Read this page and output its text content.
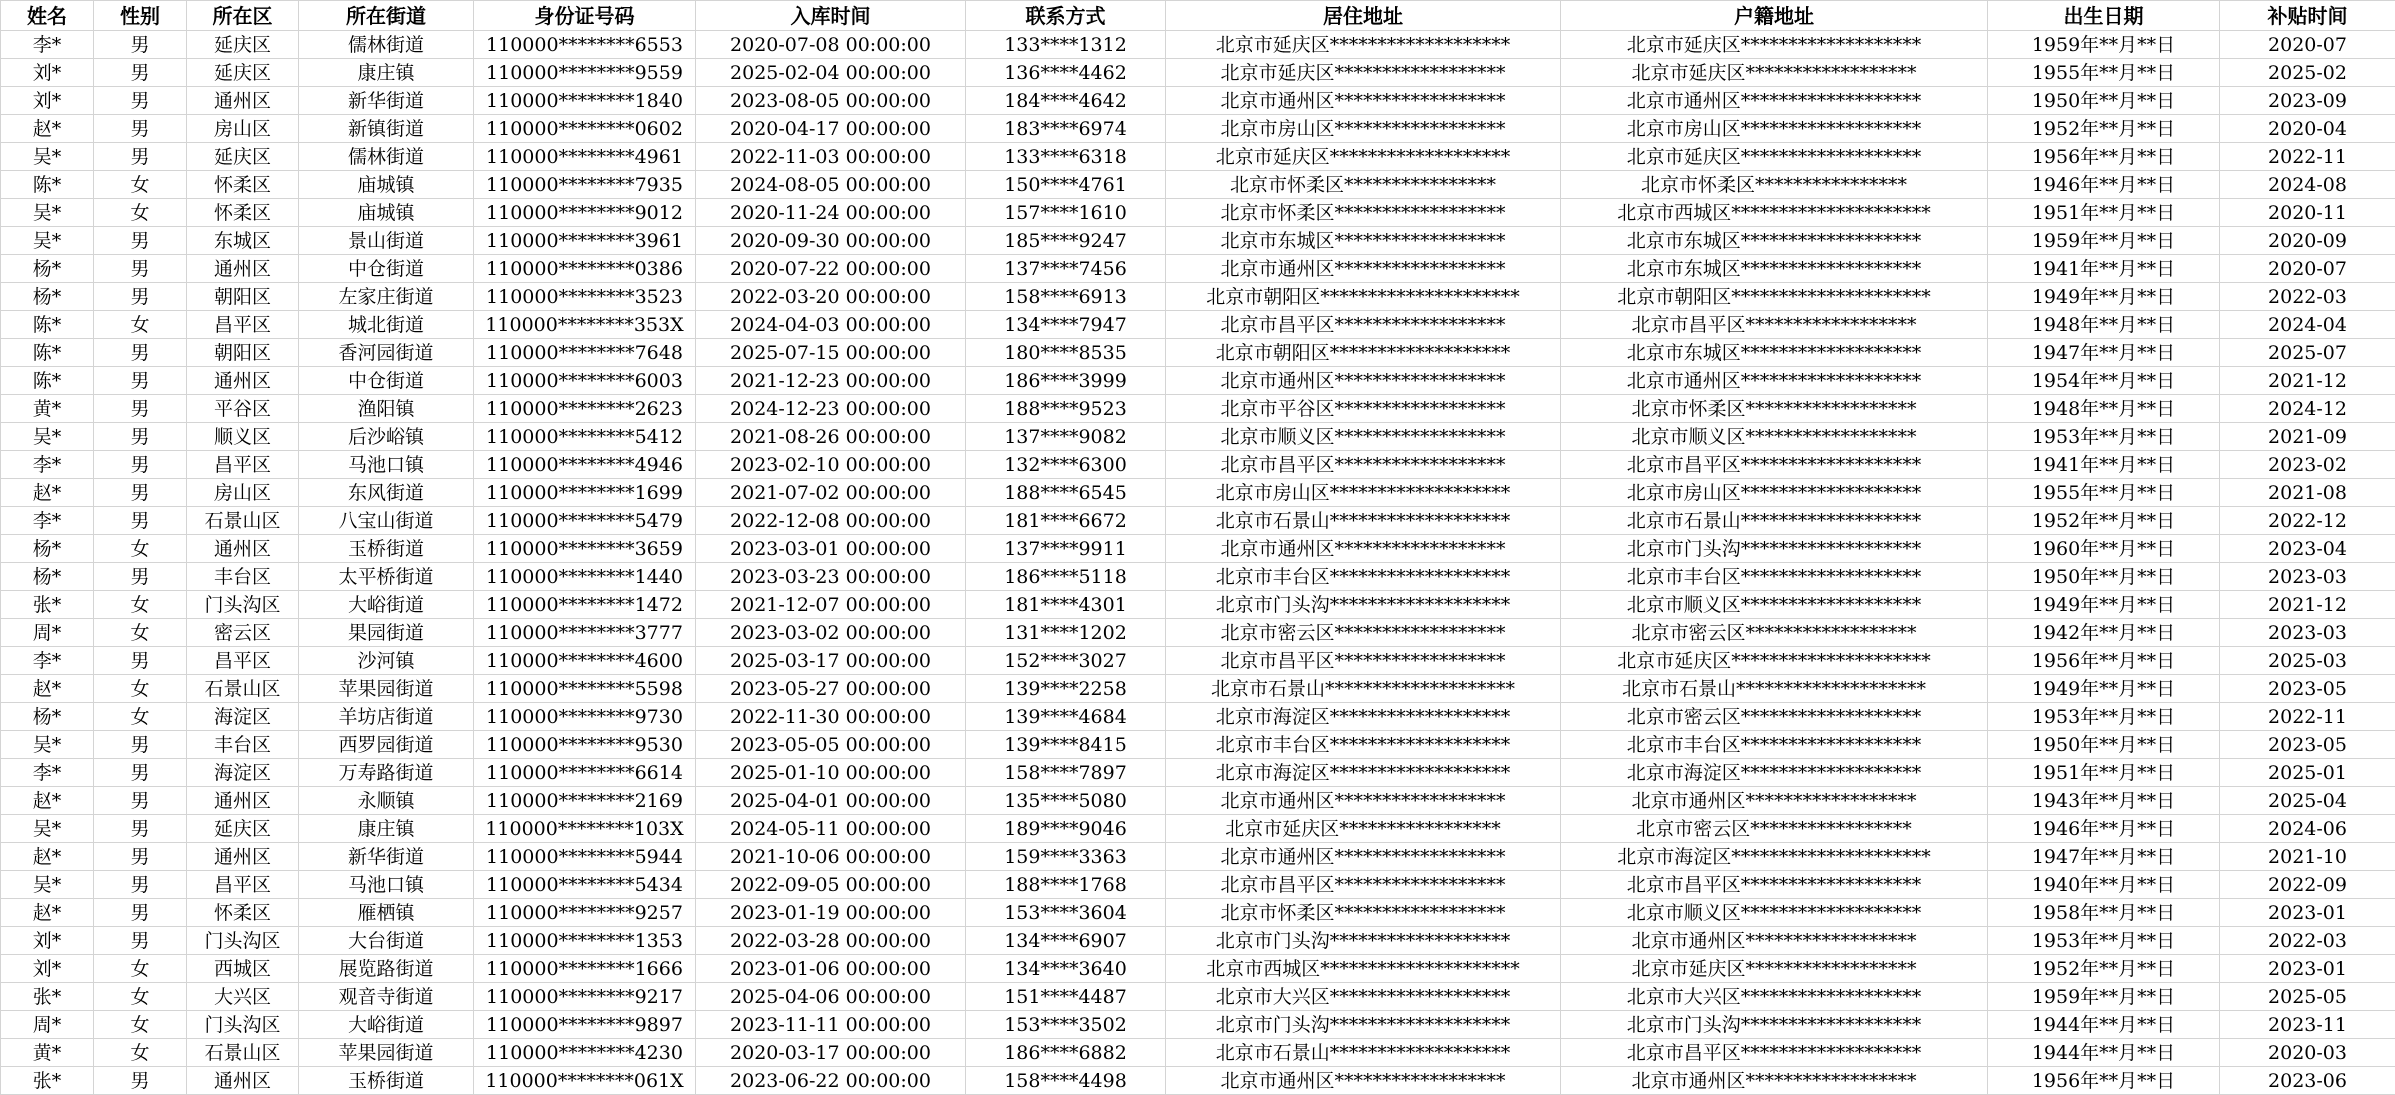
姓名	性别	所在区	所在街道	身份证号码	入库时间	联系方式	居住地址	户籍地址	出生日期	补贴时间
李*	男	延庆区	儒林街道	110000********6553	2020-07-08 00:00:00	133****1312	北京市延庆区*******************	北京市延庆区*******************	1959年**月**日	2020-07
刘*	男	延庆区	康庄镇	110000********9559	2025-02-04 00:00:00	136****4462	北京市延庆区******************	北京市延庆区******************	1955年**月**日	2025-02
刘*	男	通州区	新华街道	110000********1840	2023-08-05 00:00:00	184****4642	北京市通州区******************	北京市通州区*******************	1950年**月**日	2023-09
赵*	男	房山区	新镇街道	110000********0602	2020-04-17 00:00:00	183****6974	北京市房山区******************	北京市房山区*******************	1952年**月**日	2020-04
吴*	男	延庆区	儒林街道	110000********4961	2022-11-03 00:00:00	133****6318	北京市延庆区*******************	北京市延庆区*******************	1956年**月**日	2022-11
陈*	女	怀柔区	庙城镇	110000********7935	2024-08-05 00:00:00	150****4761	北京市怀柔区****************	北京市怀柔区****************	1946年**月**日	2024-08
吴*	女	怀柔区	庙城镇	110000********9012	2020-11-24 00:00:00	157****1610	北京市怀柔区******************	北京市西城区*********************	1951年**月**日	2020-11
吴*	男	东城区	景山街道	110000********3961	2020-09-30 00:00:00	185****9247	北京市东城区******************	北京市东城区*******************	1959年**月**日	2020-09
杨*	男	通州区	中仓街道	110000********0386	2020-07-22 00:00:00	137****7456	北京市通州区******************	北京市东城区*******************	1941年**月**日	2020-07
杨*	男	朝阳区	左家庄街道	110000********3523	2022-03-20 00:00:00	158****6913	北京市朝阳区*********************	北京市朝阳区*********************	1949年**月**日	2022-03
陈*	女	昌平区	城北街道	110000********353X	2024-04-03 00:00:00	134****7947	北京市昌平区******************	北京市昌平区******************	1948年**月**日	2024-04
陈*	男	朝阳区	香河园街道	110000********7648	2025-07-15 00:00:00	180****8535	北京市朝阳区*******************	北京市东城区*******************	1947年**月**日	2025-07
陈*	男	通州区	中仓街道	110000********6003	2021-12-23 00:00:00	186****3999	北京市通州区******************	北京市通州区*******************	1954年**月**日	2021-12
黄*	男	平谷区	渔阳镇	110000********2623	2024-12-23 00:00:00	188****9523	北京市平谷区******************	北京市怀柔区******************	1948年**月**日	2024-12
吴*	男	顺义区	后沙峪镇	110000********5412	2021-08-26 00:00:00	137****9082	北京市顺义区******************	北京市顺义区******************	1953年**月**日	2021-09
李*	男	昌平区	马池口镇	110000********4946	2023-02-10 00:00:00	132****6300	北京市昌平区******************	北京市昌平区*******************	1941年**月**日	2023-02
赵*	男	房山区	东风街道	110000********1699	2021-07-02 00:00:00	188****6545	北京市房山区*******************	北京市房山区*******************	1955年**月**日	2021-08
李*	男	石景山区	八宝山街道	110000********5479	2022-12-08 00:00:00	181****6672	北京市石景山*******************	北京市石景山*******************	1952年**月**日	2022-12
杨*	女	通州区	玉桥街道	110000********3659	2023-03-01 00:00:00	137****9911	北京市通州区******************	北京市门头沟*******************	1960年**月**日	2023-04
杨*	男	丰台区	太平桥街道	110000********1440	2023-03-23 00:00:00	186****5118	北京市丰台区*******************	北京市丰台区*******************	1950年**月**日	2023-03
张*	女	门头沟区	大峪街道	110000********1472	2021-12-07 00:00:00	181****4301	北京市门头沟*******************	北京市顺义区*******************	1949年**月**日	2021-12
周*	女	密云区	果园街道	110000********3777	2023-03-02 00:00:00	131****1202	北京市密云区******************	北京市密云区******************	1942年**月**日	2023-03
李*	男	昌平区	沙河镇	110000********4600	2025-03-17 00:00:00	152****3027	北京市昌平区******************	北京市延庆区*********************	1956年**月**日	2025-03
赵*	女	石景山区	苹果园街道	110000********5598	2023-05-27 00:00:00	139****2258	北京市石景山********************	北京市石景山********************	1949年**月**日	2023-05
杨*	女	海淀区	羊坊店街道	110000********9730	2022-11-30 00:00:00	139****4684	北京市海淀区*******************	北京市密云区*******************	1953年**月**日	2022-11
吴*	男	丰台区	西罗园街道	110000********9530	2023-05-05 00:00:00	139****8415	北京市丰台区*******************	北京市丰台区*******************	1950年**月**日	2023-05
李*	男	海淀区	万寿路街道	110000********6614	2025-01-10 00:00:00	158****7897	北京市海淀区*******************	北京市海淀区*******************	1951年**月**日	2025-01
赵*	男	通州区	永顺镇	110000********2169	2025-04-01 00:00:00	135****5080	北京市通州区******************	北京市通州区******************	1943年**月**日	2025-04
吴*	男	延庆区	康庄镇	110000********103X	2024-05-11 00:00:00	189****9046	北京市延庆区*****************	北京市密云区*****************	1946年**月**日	2024-06
赵*	男	通州区	新华街道	110000********5944	2021-10-06 00:00:00	159****3363	北京市通州区******************	北京市海淀区*********************	1947年**月**日	2021-10
吴*	男	昌平区	马池口镇	110000********5434	2022-09-05 00:00:00	188****1768	北京市昌平区******************	北京市昌平区*******************	1940年**月**日	2022-09
赵*	男	怀柔区	雁栖镇	110000********9257	2023-01-19 00:00:00	153****3604	北京市怀柔区******************	北京市顺义区*******************	1958年**月**日	2023-01
刘*	男	门头沟区	大台街道	110000********1353	2022-03-28 00:00:00	134****6907	北京市门头沟*******************	北京市通州区******************	1953年**月**日	2022-03
刘*	女	西城区	展览路街道	110000********1666	2023-01-06 00:00:00	134****3640	北京市西城区*********************	北京市延庆区******************	1952年**月**日	2023-01
张*	女	大兴区	观音寺街道	110000********9217	2025-04-06 00:00:00	151****4487	北京市大兴区*******************	北京市大兴区*******************	1959年**月**日	2025-05
周*	女	门头沟区	大峪街道	110000********9897	2023-11-11 00:00:00	153****3502	北京市门头沟*******************	北京市门头沟*******************	1944年**月**日	2023-11
黄*	女	石景山区	苹果园街道	110000********4230	2020-03-17 00:00:00	186****6882	北京市石景山*******************	北京市昌平区*******************	1944年**月**日	2020-03
张*	男	通州区	玉桥街道	110000********061X	2023-06-22 00:00:00	158****4498	北京市通州区******************	北京市通州区******************	1956年**月**日	2023-06
